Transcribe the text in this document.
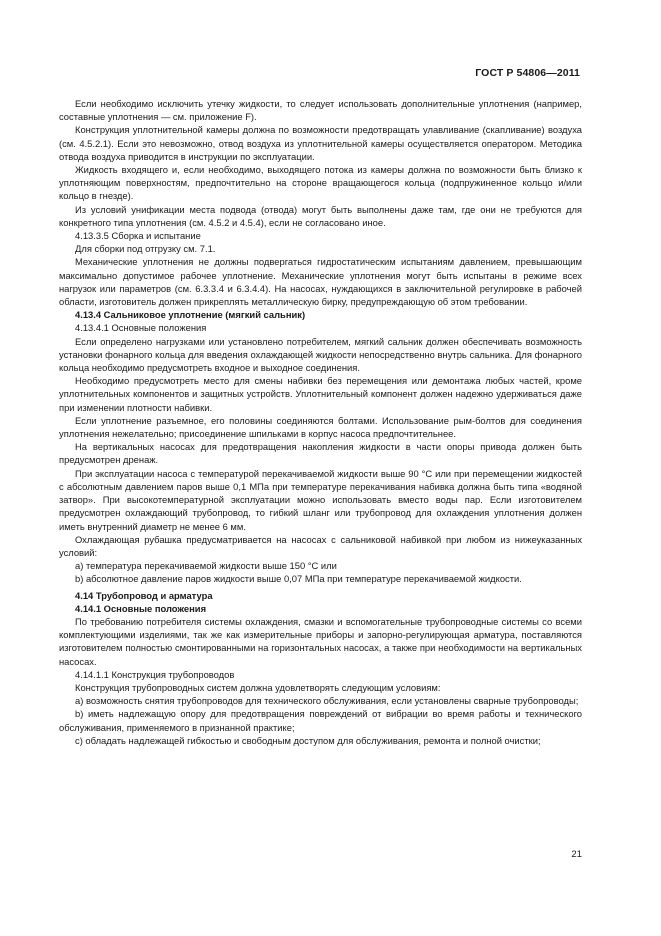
ГОСТ Р 54806—2011

Если необходимо исключить утечку жидкости, то следует использовать дополнительные уплотнения (например, составные уплотнения — см. приложение F).

Конструкция уплотнительной камеры должна по возможности предотвращать улавливание (скапливание) воздуха (см. 4.5.2.1). Если это невозможно, отвод воздуха из уплотнительной камеры осуществляется оператором. Методика отвода воздуха приводится в инструкции по эксплуатации.

Жидкость входящего и, если необходимо, выходящего потока из камеры должна по возможности быть близко к уплотняющим поверхностям, предпочтительно на стороне вращающегося кольца (подпружиненное кольцо и/или кольцо в гнезде).

Из условий унификации места подвода (отвода) могут быть выполнены даже там, где они не требуются для конкретного типа уплотнения (см. 4.5.2 и 4.5.4), если не согласовано иное.

4.13.3.5 Сборка и испытание

Для сборки под отгрузку см. 7.1.

Механические уплотнения не должны подвергаться гидростатическим испытаниям давлением, превышающим максимально допустимое рабочее уплотнение. Механические уплотнения могут быть испытаны в режиме всех нагрузок или параметров (см. 6.3.3.4 и 6.3.4.4). На насосах, нуждающихся в заключительной регулировке в рабочей области, изготовитель должен прикреплять металлическую бирку, предупреждающую об этом требовании.

4.13.4 Сальниковое уплотнение (мягкий сальник)

4.13.4.1 Основные положения

Если определено нагрузками или установлено потребителем, мягкий сальник должен обеспечивать возможность установки фонарного кольца для введения охлаждающей жидкости непосредственно внутрь сальника. Для фонарного кольца необходимо предусмотреть входное и выходное соединения.

Необходимо предусмотреть место для смены набивки без перемещения или демонтажа любых частей, кроме уплотнительных компонентов и защитных устройств. Уплотнительный компонент должен надежно удерживаться даже при изменении плотности набивки.

Если уплотнение разъемное, его половины соединяются болтами. Использование рым-болтов для соединения уплотнения нежелательно; присоединение шпильками в корпус насоса предпочтительнее.

На вертикальных насосах для предотвращения накопления жидкости в части опоры привода должен быть предусмотрен дренаж.

При эксплуатации насоса с температурой перекачиваемой жидкости выше 90 °С или при перемещении жидкостей с абсолютным давлением паров выше 0,1 МПа при температуре перекачивания набивка должна быть типа «водяной затвор». При высокотемпературной эксплуатации можно использовать вместо воды пар. Если изготовителем предусмотрен охлаждающий трубопровод, то гибкий шланг или трубопровод для охлаждения уплотнения должен иметь внутренний диаметр не менее 6 мм.

Охлаждающая рубашка предусматривается на насосах с сальниковой набивкой при любом из нижеуказанных условий:

a) температура перекачиваемой жидкости выше 150 °С или

b) абсолютное давление паров жидкости выше 0,07 МПа при температуре перекачиваемой жидкости.

4.14 Трубопровод и арматура

4.14.1 Основные положения

По требованию потребителя системы охлаждения, смазки и вспомогательные трубопроводные системы со всеми комплектующими изделиями, так же как измерительные приборы и запорно-регулирующая арматура, поставляются изготовителем полностью смонтированными на горизонтальных насосах, а также при необходимости на вертикальных насосах.

4.14.1.1 Конструкция трубопроводов

Конструкция трубопроводных систем должна удовлетворять следующим условиям:

a) возможность снятия трубопроводов для технического обслуживания, если установлены сварные трубопроводы;

b) иметь надлежащую опору для предотвращения повреждений от вибрации во время работы и технического обслуживания, применяемого в признанной практике;

c) обладать надлежащей гибкостью и свободным доступом для обслуживания, ремонта и полной очистки;

21
